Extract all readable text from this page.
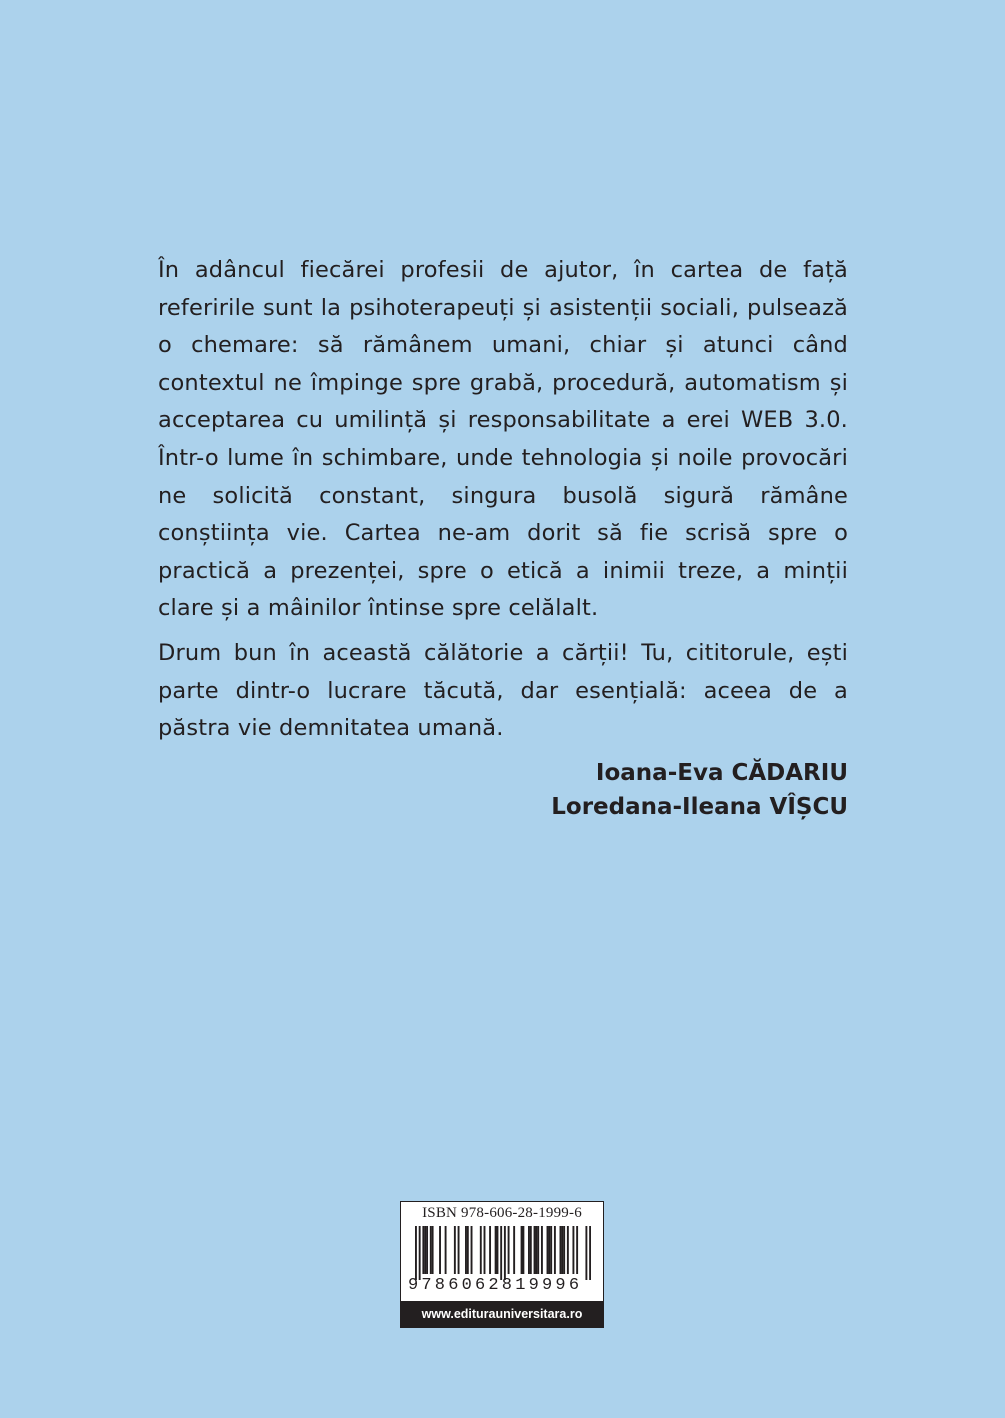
În adâncul fiecărei profesii de ajutor, în cartea de față referirile sunt la psihoterapeuți și asistenții sociali, pulsează o chemare: să rămânem umani, chiar și atunci când contextul ne împinge spre grabă, procedură, automatism și acceptarea cu umilință și responsabilitate a erei WEB 3.0. Într-o lume în schimbare, unde tehnologia și noile provocări ne solicită constant, singura busolă sigură rămâne conștiința vie. Cartea ne-am dorit să fie scrisă spre o practică a prezenței, spre o etică a inimii treze, a minții clare și a mâinilor întinse spre celălalt.

Drum bun în această călătorie a cărții! Tu, cititorule, ești parte dintr-o lucrare tăcută, dar esențială: aceea de a păstra vie demnitatea umană.

Ioana-Eva CĂDARIU
Loredana-Ileana VÎȘCU
ISBN 978-606-28-1999-6
9786062819996
www.editurauniversitara.ro
